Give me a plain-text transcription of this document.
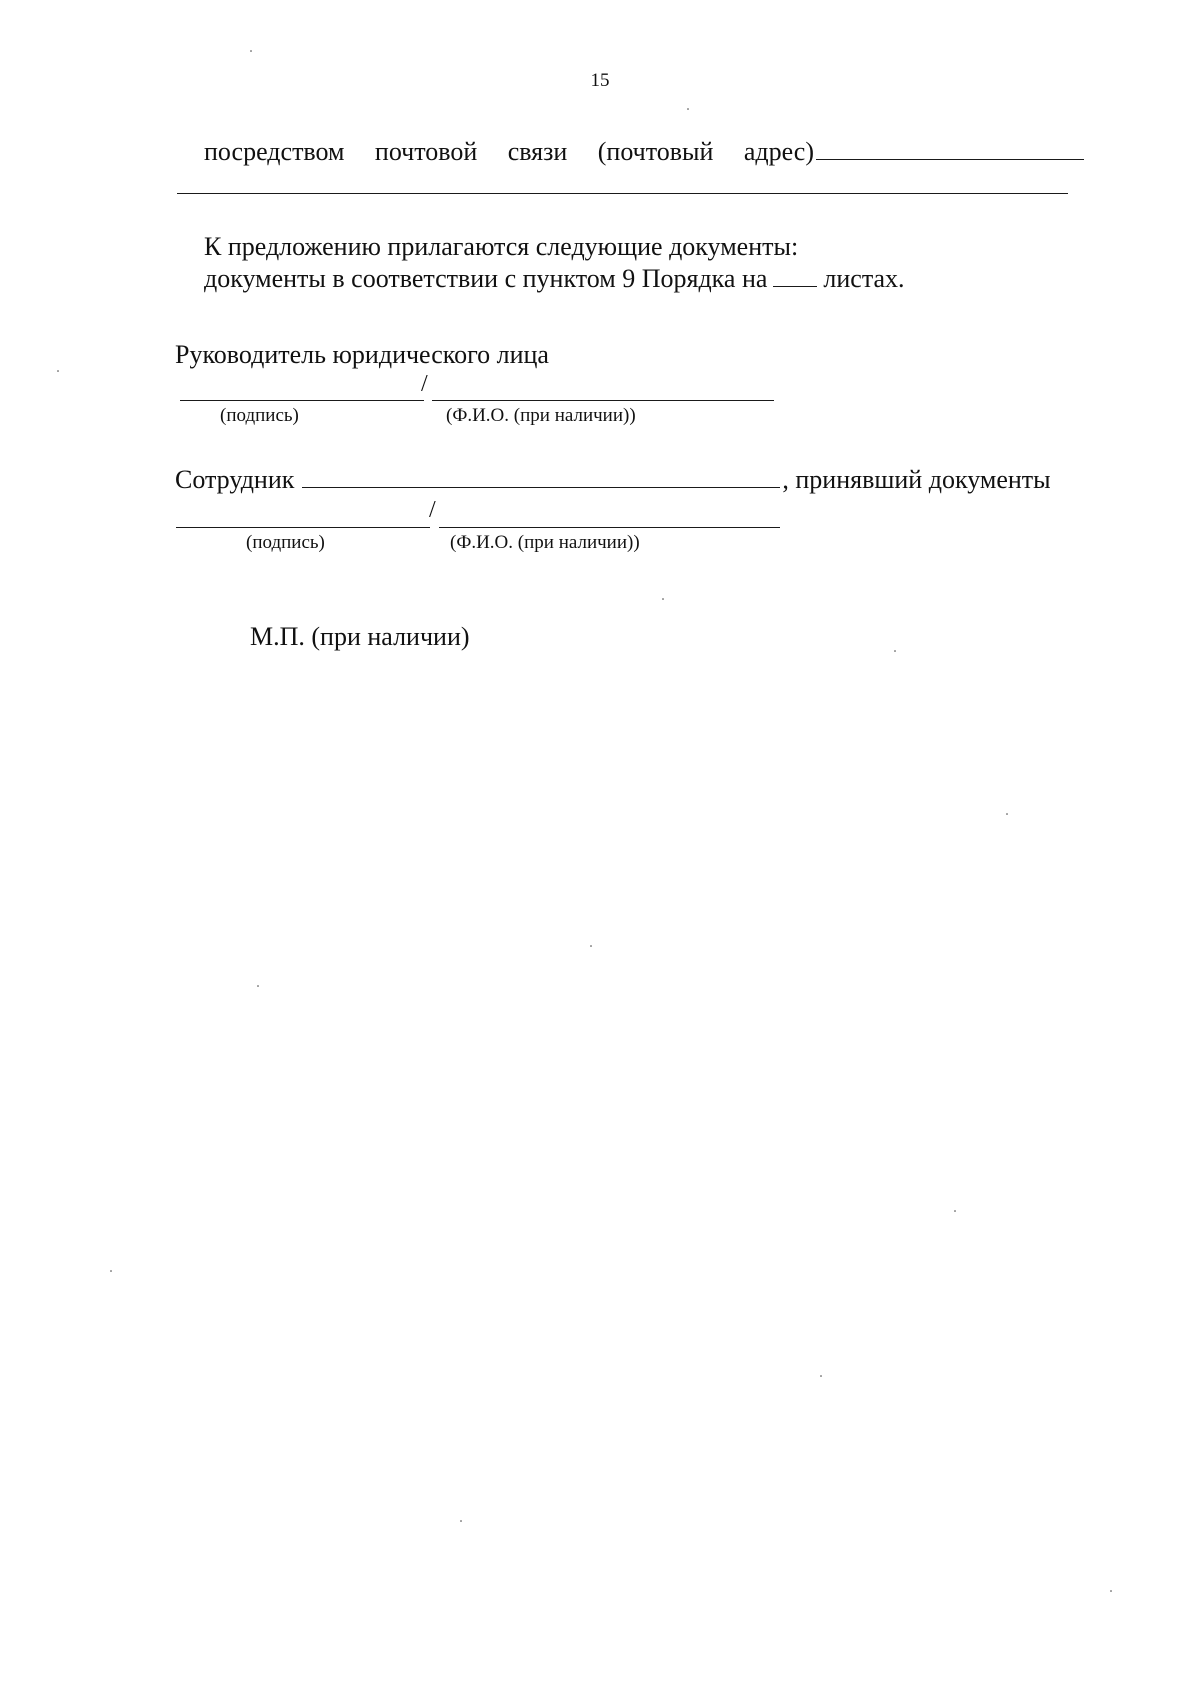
15
посредством почтовой связи (почтовый адрес)
К предложению прилагаются следующие документы:
документы в соответствии с пунктом 9 Порядка на листах.
Руководитель юридического лица
/
(подпись)	(Ф.И.О. (при наличии))
Сотрудник	, принявший документы
/
(подпись)	(Ф.И.О. (при наличии))
М.П. (при наличии)
